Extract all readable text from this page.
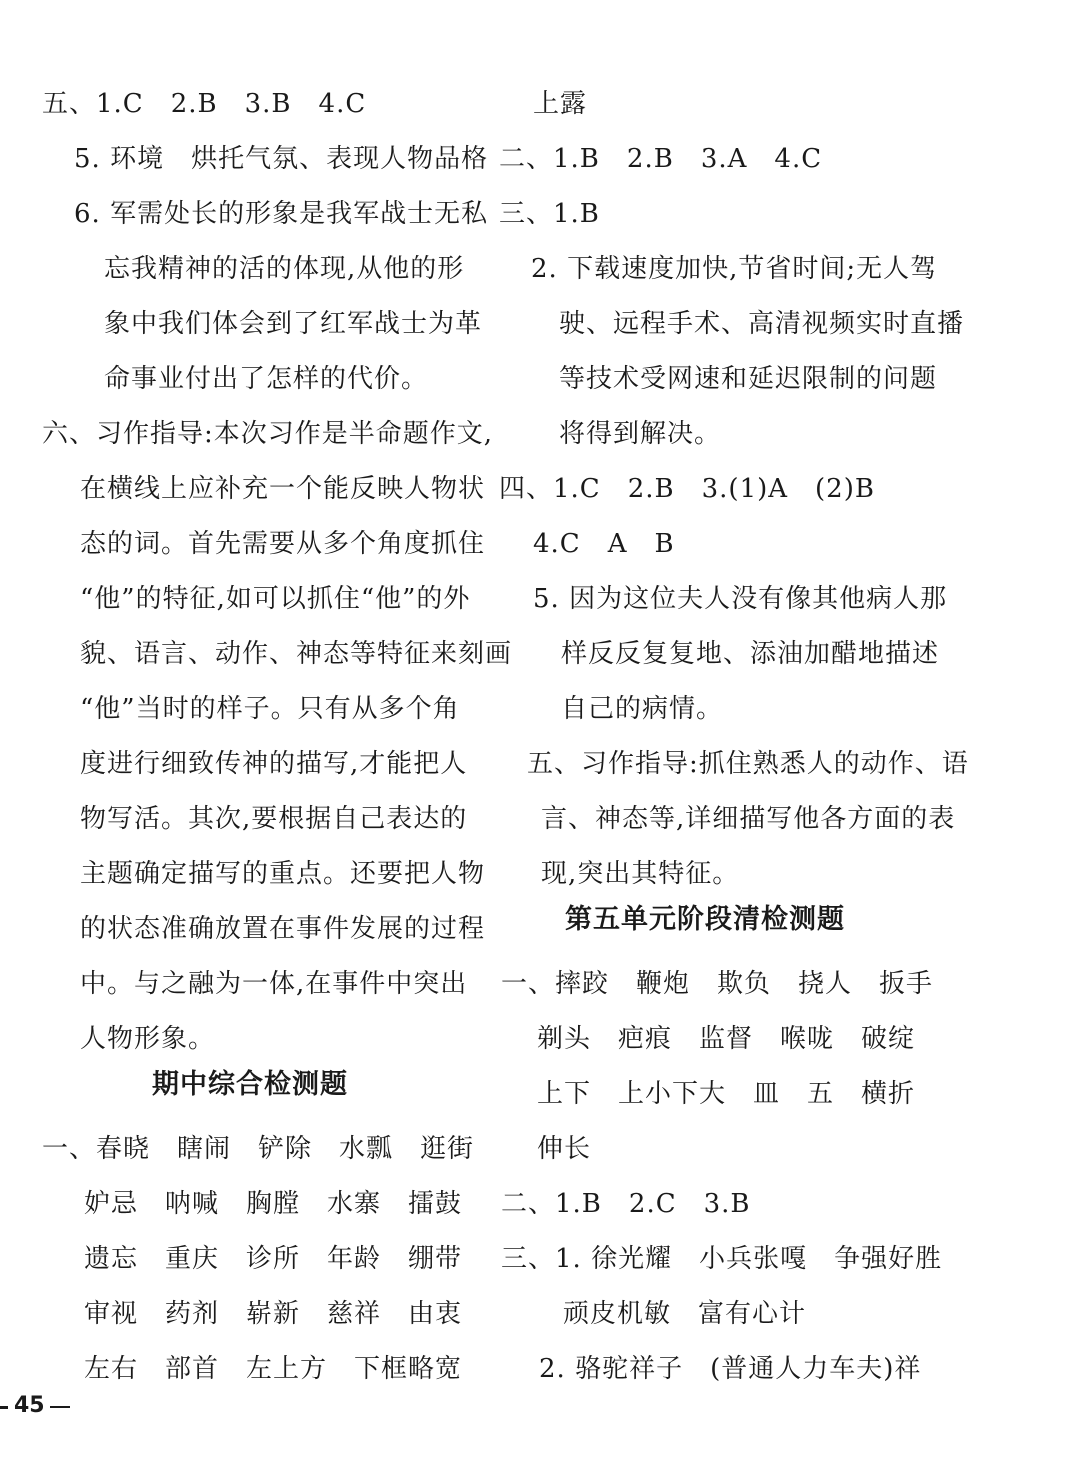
五、1.C　2.B　3.B　4.C
5. 环境　烘托气氛、表现人物品格
6. 军需处长的形象是我军战士无私
忘我精神的活的体现,从他的形
象中我们体会到了红军战士为革
命事业付出了怎样的代价。
六、习作指导:本次习作是半命题作文,
在横线上应补充一个能反映人物状
态的词。首先需要从多个角度抓住
“他”的特征,如可以抓住“他”的外
貌、语言、动作、神态等特征来刻画
“他”当时的样子。只有从多个角
度进行细致传神的描写,才能把人
物写活。其次,要根据自己表达的
主题确定描写的重点。还要把人物
的状态准确放置在事件发展的过程
中。与之融为一体,在事件中突出
人物形象。
期中综合检测题
一、春晓　瞎闹　铲除　水瓢　逛街
妒忌　呐喊　胸膛　水寨　擂鼓
遗忘　重庆　诊所　年龄　绷带
审视　药剂　崭新　慈祥　由衷
左右　部首　左上方　下框略宽
上露
二、1.B　2.B　3.A　4.C
三、1.B
2. 下载速度加快,节省时间;无人驾
驶、远程手术、高清视频实时直播
等技术受网速和延迟限制的问题
将得到解决。
四、1.C　2.B　3.(1)A　(2)B
4.C　A　B
5. 因为这位夫人没有像其他病人那
样反反复复地、添油加醋地描述
自己的病情。
五、习作指导:抓住熟悉人的动作、语
言、神态等,详细描写他各方面的表
现,突出其特征。
第五单元阶段清检测题
一、摔跤　鞭炮　欺负　挠人　扳手
剃头　疤痕　监督　喉咙　破绽
上下　上小下大　皿　五　横折
伸长
二、1.B　2.C　3.B
三、1. 徐光耀　小兵张嘎　争强好胜
顽皮机敏　富有心计
2. 骆驼祥子　(普通人力车夫)祥
45
